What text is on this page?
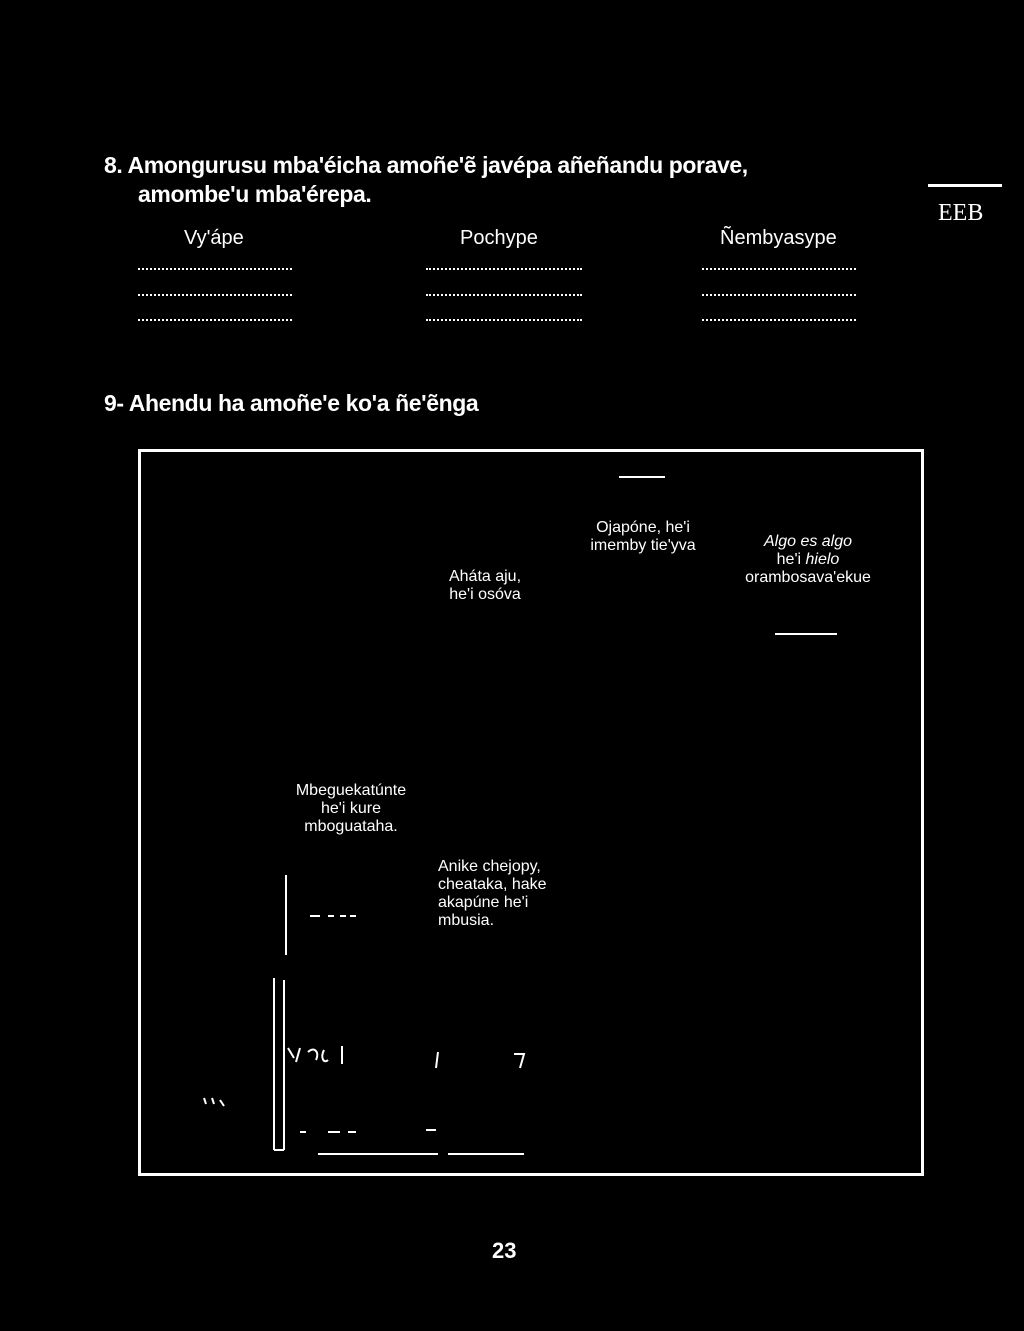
8. Amongurusu mba'éicha amoñe'ẽ javépa añeñandu porave,
amombe'u mba'érepa.
EEB
Vy'ápe	Pochype	Ñembyasype
9- Ahendu ha amoñe'e ko'a ñe'ẽnga
Aháta aju,
he'i osóva
Ojapóne, he'i
imemby tie'yva	Algo es algo
he'i hielo
orambosava'ekue
Mbeguekatúnte
he'i kure
mboguataha.
Anike chejopy,
cheataka, hake
akapúne he'i
mbusia.
23
